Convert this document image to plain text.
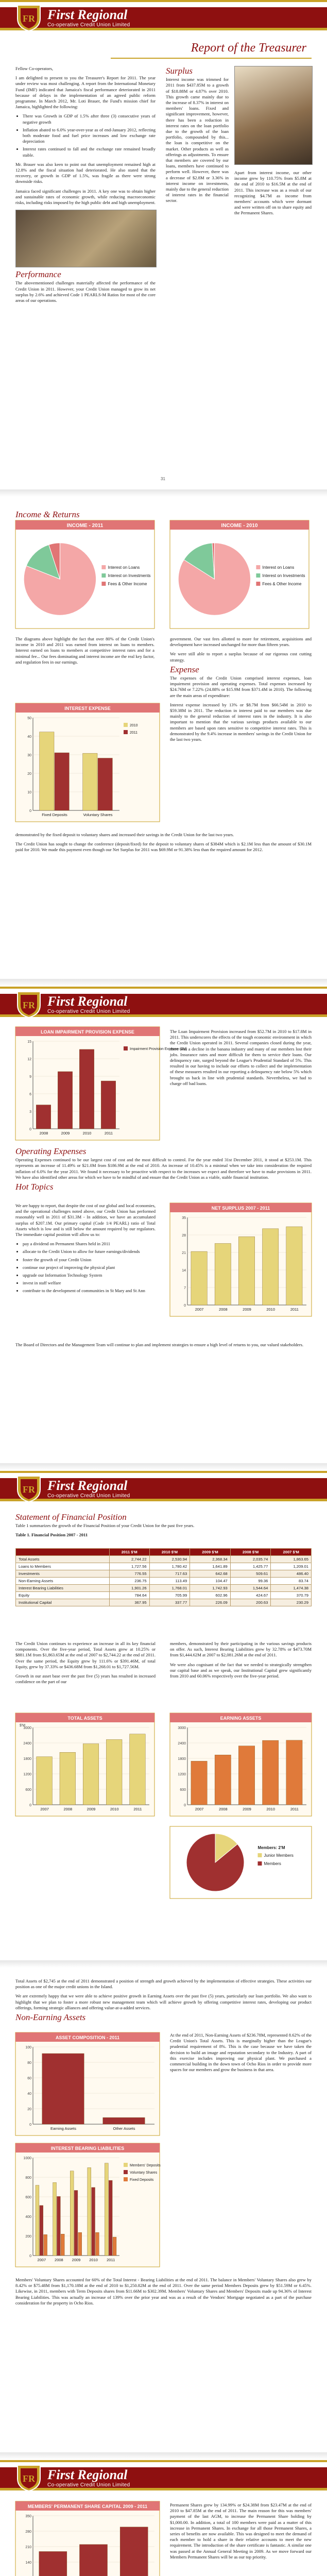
FR First Regional
Co-operative Credit Union Limited
Report of the Treasurer

Fellow Co-operators,

I am delighted to present to you the Treasurer's Report for 2011. The year under review was most challenging. A report from the International Monetary Fund (IMF) indicated that Jamaica's fiscal performance deteriorated in 2011 because of delays in the implementation of an agreed public reform programme. In March 2012, Mr. Loti Brauer, the Fund's mission chief for Jamaica, highlighted the following:

• There was Growth in GDP of 1.5% after three (3) consecutive years of negative growth
• Inflation abated to 6.0% year-over-year as of end-January 2012, reflecting both moderate food and fuel price increases and low exchange rate depreciation
• Interest rates continued to fall and the exchange rate remained broadly stable.

Mr. Brauer was also keen to point out that unemployment remained high at 12.8% and the fiscal situation had deteriorated. He also stated that the recovery, or growth in GDP of 1.5%, was fragile as there were strong downside risks.

Jamaica faced significant challenges in 2011. A key one was to obtain higher and sustainable rates of economic growth, while reducing macroeconomic risks, including risks imposed by the high public debt and high unemployment.

Performance

The abovementioned challenges materially affected the performance of the Credit Union in 2011. However, your Credit Union managed to grow its net surplus by 2.6% and achieved Code 1 PEARLS-M Ratios for most of the core areas of our operations.

Surplus

Interest income was trimmed for 2011 from $437.85M to a growth of $18.88M or 4.87% over 2010. This growth came mainly due to the increase of 8.37% in interest on members' loans. Fixed and significant improvement, however, there has been a reduction in interest rates on the loan portfolio due to the growth of the loan portfolio, compounded by this... the loan is competitive on the market. Other products as well as offerings as adjustments. To ensure that members are covered by our loans, members have continued to perform well. However, there was a decrease of $2.8M or 3.36% in interest income on investments, mainly due to the general reduction of interest rates in the financial sector.

Apart from interest income, our other income grew by 110.75% from $5.8M at the end of 2010 to $16.5M at the end of 2011. This increase was as a result of our recognizing $4.7M as income from members' accounts which were dormant and were written off on to share equity and the Permanent Shares.

31
Income & Returns
INCOME - 2011
Interest on Loans
Interest on Investments
Fees & Other Income
INCOME - 2010
Interest on Loans
Interest on Investments
Fees & Other Income

The diagrams above highlight the fact that over 80% of the Credit Union's income in 2010 and 2011 was earned from interest on loans to members. Interest earned on loans to members at competitive interest rates and for a minimal fee... Our fees dominating and interest income are the real key factor, and regulation fees in our earnings.

government. Our vast fees allotted to more for retirement, acquisitions and development have increased unchanged for more than fifteen years.

We were still able to report a surplus because of our rigorous cost cutting strategy.

Expense

The expenses of the Credit Union comprised interest expenses, loan impairment provision and operating expenses. Total expenses increased by $24.76M or 7.22% (24.88% or $15.9M from $371.4M in 2010). The following are the main areas of expenditure:

Interest expense increased by 13% or $8.7M from $66.54M in 2010 to $59.38M in 2011. The reduction in interest paid to our members was due mainly to the general reduction of interest rates in the industry. It is also important to mention that the various savings products available to our members are based upon rates sensitive to competitive interest rates. This is demonstrated by the 9.4% increase in members' savings in the Credit Union for the last two years.

INTEREST EXPENSE
0
10
20
30
40
50
Fixed Deposits	Voluntary Shares
2010
2011

demonstrated by the fixed deposit to voluntary shares and increased their savings in the Credit Union for the last two years.

The Credit Union has sought to change the conference (deposit/fixed) for the deposit to voluntary shares of $384M which is $2.1M less than the amount of $30.1M paid for 2010. We made this payment even though our Net Surplus for 2011 was $69.9M or 91.38% less than the required amount for 2012.

FR First Regional
Co-operative Credit Union Limited
LOAN IMPAIRMENT PROVISION EXPENSE
0
3
6
9
12
15
2008	2009	2010	2011
Impairment Provision Expense ($M)

The Loan Impairment Provision increased from $52.7M in 2010 to $17.8M in 2011. This underscores the effects of the tough economic environment in which the Credit Union operated in 2011. Several companies closed during the year, there was a decline in the banana industry and many of our members lost their jobs. Insurance rates and more difficult for them to service their loans. Our delinquency rate, surged beyond the League's Prudential Standard of 5%. This resulted in our having to include our efforts to collect and the implementation of these measures resulted in our reporting a delinquency rate below 5% which brought us back in line with prudential standards. Nevertheless, we had to charge off bad loans.

Operating Expenses

Operating Expenses continued to be our largest cost of cost and the most difficult to control. For the year ended 31st December 2011, it stood at $253.1M. This represents an increase of 11.49% or $21.0M from $186.9M at the end of 2010. An increase of 10.45% is a minimal when we take into consideration the required inflation of 6.0% for the year 2011. We found it necessary to be proactive with respect to the increases we expect and therefore we have to make provisions in 2011. We have also identified other areas for which we have to be mindful of and ensure that the Credit Union as a viable, stable financial institution.

Hot Topics

We are happy to report, that despite the cost of our global and local economies, and the operational challenges noted above, our Credit Union has performed reasonably well in 2011 of $31.3M - In addition, we have an accumulated surplus of $207.1M. Our primary capital (Code 1/4 PEARL) ratio of Total Assets which is low and is still below the amount required by our regulators. The immediate capital position will allow us to:

• pay a dividend on Permanent Shares held in 2011
• allocate to the Credit Union to allow for future earnings/dividends
• foster the growth of your Credit Union
• continue our project of improving the physical plant
• upgrade our Information Technology System
• invest in staff welfare
• contribute to the development of communities in St Mary and St Ann
NET SURPLUS 2007 - 2011
0
7
14
21
28
35
2007	2008	2009	2010	2011

The Board of Directors and the Management Team will continue to plan and implement strategies to ensure a high level of returns to you, our valued stakeholders.

FR First Regional
Co-operative Credit Union Limited
Statement of Financial Position

Table 1 summarizes the growth of the Financial Position of your Credit Union for the past five years.

Table 1. Financial Position 2007 - 2011

	2011 $'M	2010 $'M	2009 $'M	2008 $'M	2007 $'M
Total Assets	2,744.22	2,530.94	2,368.34	2,035.74	1,863.65
Loans to Members	1,727.56	1,780.42	1,641.89	1,425.77	1,209.01
Investments	776.55	717.63	642.68	509.61	486.40
Non-Earning Assets	236.75	113.49	104.47	99.36	83.74
Interest Bearing Liabilities	1,901.26	1,768.01	1,742.93	1,544.64	1,474.38
Equity	784.64	705.99	602.96	424.67	370.79
Institutional Capital	367.95	337.77	226.09	200.63	230.29

The Credit Union continues to experience an increase in all its key financial components. Over the five-year period, Total Assets grew at 10.25% or $881.1M from $1,863.65M at the end of 2007 to $2,744.22 at the end of 2011. Over the same period, the Equity grew by 111.6% or $391.46M, of total Equity, grew by 37.33% or $436.68M from $1,268.01 to $1,727.56M.

Growth in our asset base over the past five (5) years has resulted in increased confidence on the part of our

members, demonstrated by their participating in the various savings products on offer. As such, Interest Bearing Liabilities grew by 32.78% or $473.70M from $1,444.62M at 2007 to $2,081.26M at the end of 2011.

We were also cognisant of the fact that we needed to strategically strengthen our capital base and as we speak, our Institutional Capital grew significantly from 2010 and 60.06% respectively over the five-year period.

TOTAL ASSETS
0
600
1200
1800
2400
3000
2007	2008	2009	2010	2011
$'M
EARNING ASSETS
0
600
1200
1800
2400
3000
2007	2008	2009	2010	2011
Members: 2'M
Junior Members
Members

Total Assets of $2,745 at the end of 2011 demonstrated a position of strength and growth achieved by the implementation of effective strategies. These activities our position as one of the major credit unions in the Island.

We are extremely happy that we were able to achieve positive growth in Earning Assets over the past five (5) years, particularly our loan portfolio. We also want to highlight that we plan to foster a more robust new management team which will achieve growth by offering competitive interest rates, developing our product offerings, forming strategic alliances and offering value-at-a-added services.

Non-Earning Assets
ASSET COMPOSITION - 2011
0
20
40
60
80
100
Earning Assets	Other Assets

At the end of 2011, Non-Earning Assets of $236.78M, represented 8.62% of the Credit Union's Total Assets. This is marginally higher than the League's prudential requirement of 8%. This is the case because we have taken the decision to build an image and reputation secondary to the Industry. A part of this exercise includes improving our physical plant. We purchased a commercial building in the down town of Ocho Rios in order to provide more spaces for our members and grow the business in that area.

INTEREST BEARING LIABILITIES
0
200
400
600
800
1000
2007 2008 2009 2010 2011
Members' Deposits
Voluntary Shares
Fixed Deposits

Members' Voluntary Shares accounted for 60% of the Total Interest - Bearing Liabilities at the end of 2011. The balance in Members' Voluntary Shares also grew by 8.42% or $75.48M from $1,170.18M at the end of 2010 to $1,250.82M at the end of 2011. Over the same period Members Deposits grew by $51.59M or 6.45%. Likewise, in 2011, members with Term Deposits shares from $11.66M to $302.39M. Members' Voluntary Shares and Members' Deposits made up 94.36% of Interest Bearing Liabilities. This was actually an increase of 139% over the prior year and was as a result of the Vendors' Mortgage negotiated as a part of the purchase consideration for the property in Ocho Rios.

FR First Regional
Co-operative Credit Union Limited
MEMBERS' PERMANENT SHARE CAPITAL 2009 - 2011
140
210
280
350

Permanent Shares grew by 134.99% or $24.38M from $23.47M at the end of 2010 to $47.85M at the end of 2011. The main reason for this was members' payment of the last AGM, to increase the Permanent Share holding by $1,000.00. In addition, a total of 100 members were paid as a matter of this increase in Permanent Shares. In exchange for all those Permanent Shares, a series of benefits are now available. This was designed to meet the demand of each member to hold a share in their relative accounts to meet the new requirement. The introduction of the share certificate is fantastic. A similar one was passed at the Annual General Meeting in 2009. As we move forward our Members Permanent Shares will be as our top priority.
